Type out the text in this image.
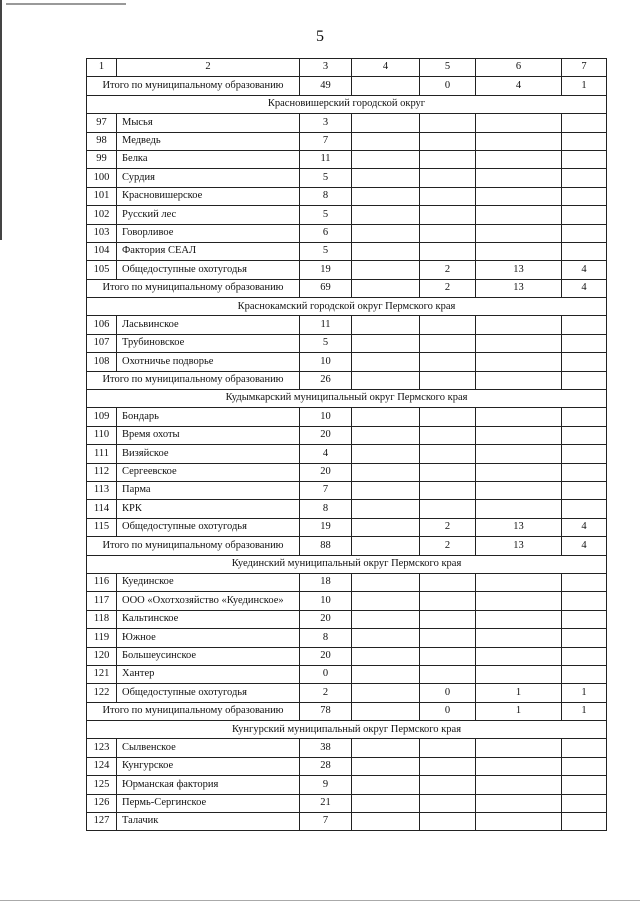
5
1	2	3	4	5	6	7
Итого по муниципальному образованию		49		0	4	1
Красновишерский городской округ						
97	Мысья	3				
98	Медведь	7				
99	Белка	11				
100	Сурдия	5				
101	Красновишерское	8				
102	Русский лес	5				
103	Говорливое	6				
104	Фактория СЕАЛ	5				
105	Общедоступные охотугодья	19		2	13	4
Итого по муниципальному образованию		69		2	13	4
Краснокамский городской округ Пермского края						
106	Ласьвинское	11				
107	Трубиновское	5				
108	Охотничье подворье	10				
Итого по муниципальному образованию		26				
Кудымкарский муниципальный округ Пермского края						
109	Бондарь	10				
110	Время охоты	20				
111	Визяйское	4				
112	Сергеевское	20				
113	Парма	7				
114	КРК	8				
115	Общедоступные охотугодья	19		2	13	4
Итого по муниципальному образованию		88		2	13	4
Куединский муниципальный округ Пермского края						
116	Куединское	18				
117	ООО «Охотхозяйство «Куединское»	10				
118	Кальтинское	20				
119	Южное	8				
120	Большеусинское	20				
121	Хантер	0				
122	Общедоступные охотугодья	2		0	1	1
Итого по муниципальному образованию		78		0	1	1
Кунгурский муниципальный округ Пермского края						
123	Сылвенское	38				
124	Кунгурское	28				
125	Юрманская фактория	9				
126	Пермь-Сергинское	21				
127	Талачик	7				
